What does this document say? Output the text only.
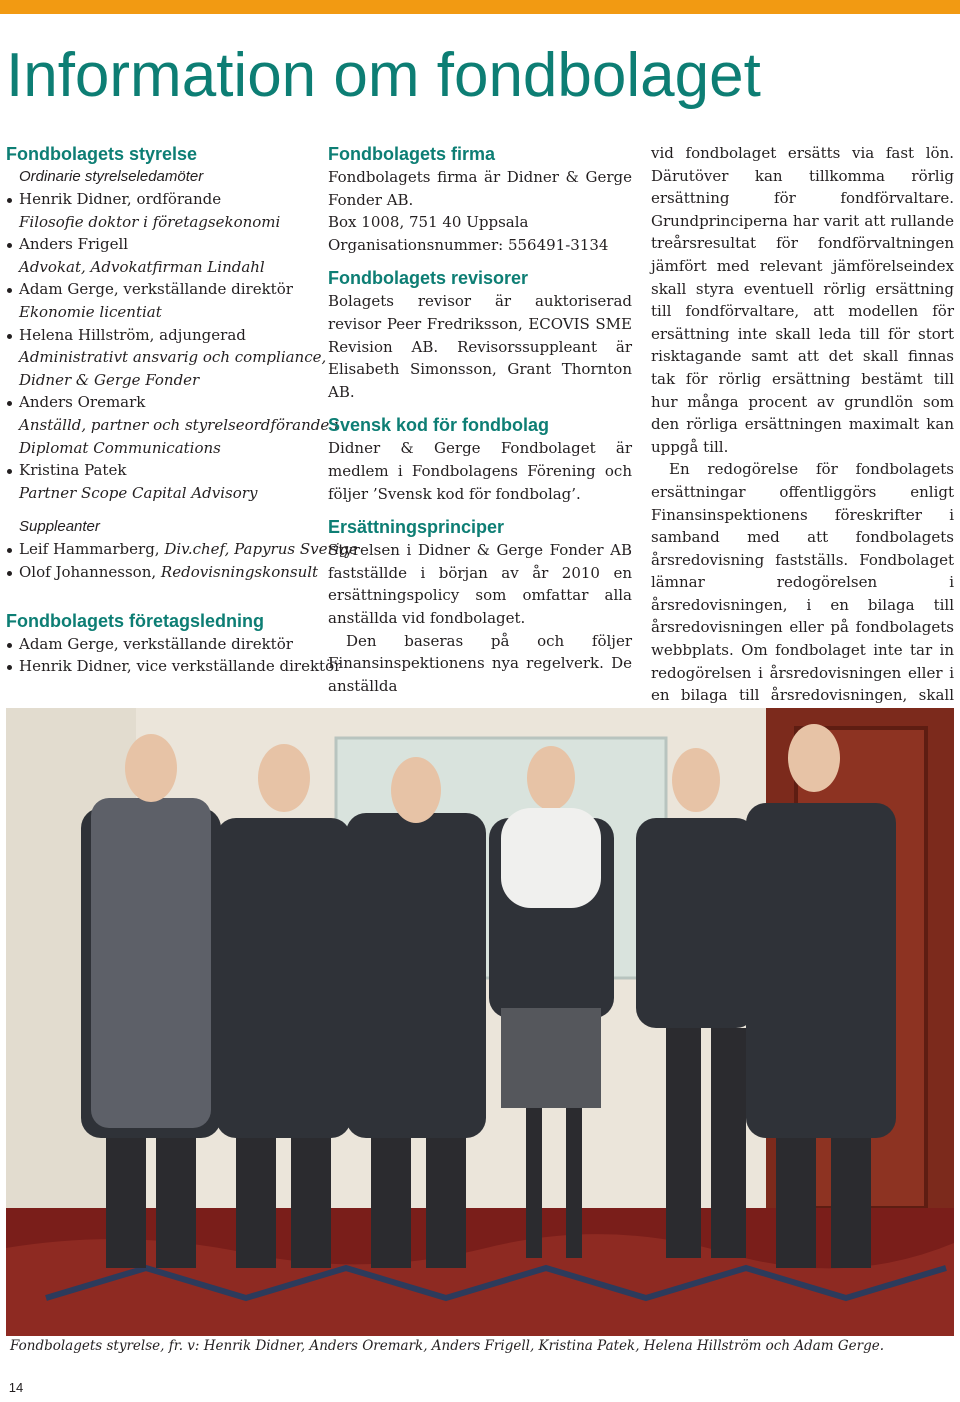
Information om fondbolaget
Fondbolagets styrelse
Ordinarie styrelseledamöter
Henrik Didner, ordförande
Filosofie doktor i företagsekonomi
Anders Frigell
Advokat, Advokatfirman Lindahl
Adam Gerge, verkställande direktör
Ekonomie licentiat
Helena Hillström, adjungerad
Administrativt ansvarig och compliance,
Didner & Gerge Fonder
Anders Oremark
Anställd, partner och styrelseordförande i
Diplomat Communications
Kristina Patek
Partner Scope Capital Advisory
Suppleanter
Leif Hammarberg, Div.chef, Papyrus Sverige
Olof Johannesson, Redovisningskonsult
Fondbolagets företagsledning
Adam Gerge, verkställande direktör
Henrik Didner, vice verkställande direktör
Fondbolagets firma

Fondbolagets firma är Didner & Gerge Fonder AB.

Box 1008, 751 40 Uppsala

Organisationsnummer: 556491-3134

Fondbolagets revisorer

Bolagets revisor är auktoriserad revisor Peer Fredriksson, ECOVIS SME Revision AB. Revisorssuppleant är Elisabeth Simonsson, Grant Thornton AB.

Svensk kod för fondbolag

Didner & Gerge Fondbolaget är medlem i Fondbolagens Förening och följer ’Svensk kod för fondbolag’.

Ersättningsprinciper

Styrelsen i Didner & Gerge Fonder AB fastställde i början av år 2010 en ersättningspolicy som omfattar alla anställda vid fondbolaget.

Den baseras på och följer Finansinspektionens nya regelverk. De anställda

vid fondbolaget ersätts via fast lön. Därutöver kan tillkomma rörlig ersättning för fondförvaltare. Grundprinciperna har varit att rullande treårsresultat för fondförvaltningen jämfört med relevant jämförelseindex skall styra eventuell rörlig ersättning till fondförvaltare, att modellen för ersättning inte skall leda till för stort risktagande samt att det skall finnas tak för rörlig ersättning bestämt till hur många procent av grundlön som den rörliga ersättningen maximalt kan uppgå till.

En redogörelse för fondbolagets ersättningar offentliggörs enligt Finansinspektionens föreskrifter i samband med att fondbolagets årsredovisning fastställs. Fondbolaget lämnar redogörelsen i årsredovisningen, i en bilaga till årsredovisningen eller på fondbolagets webbplats. Om fondbolaget inte tar in redogörelsen i årsredovisningen eller i en bilaga till årsredovisningen, skall

Fondbolagets styrelse, fr. v: Henrik Didner, Anders Oremark, Anders Frigell, Kristina Patek, Helena Hillström och Adam Gerge.
14
